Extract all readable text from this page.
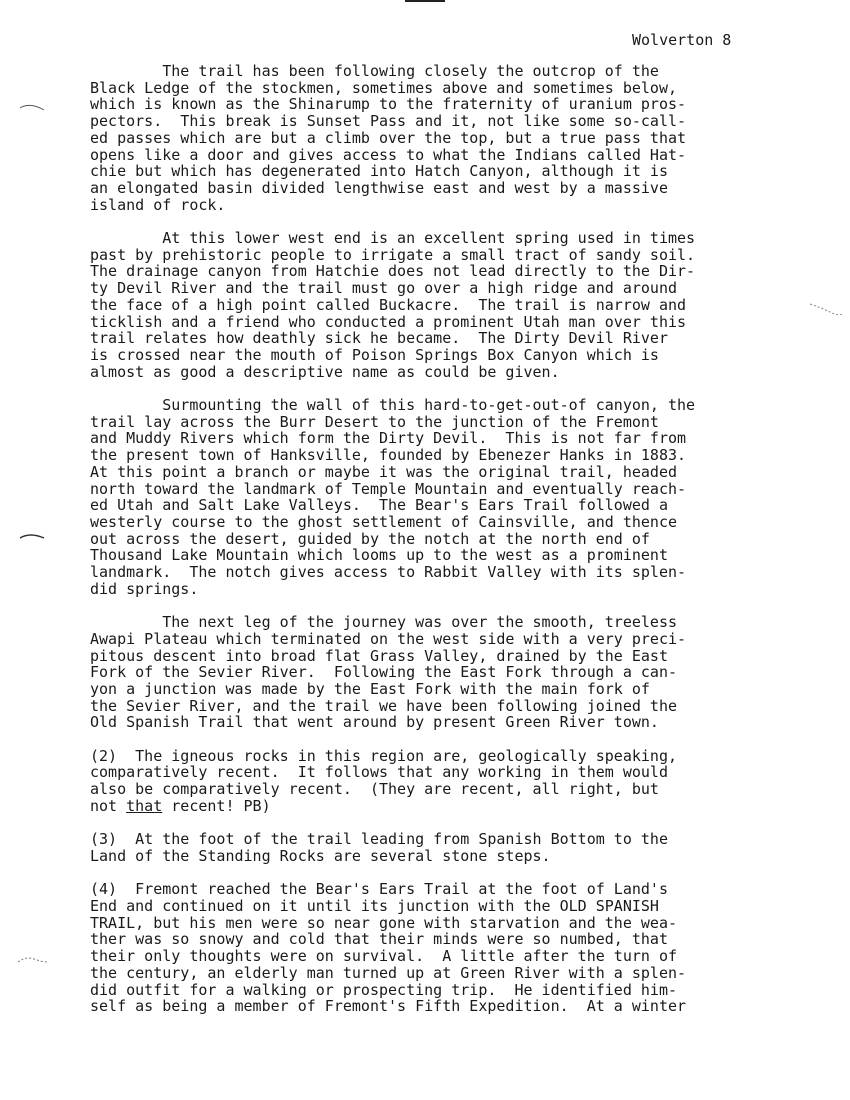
Wolverton 8

The trail has been following closely the outcrop of the
Black Ledge of the stockmen, sometimes above and sometimes below,
which is known as the Shinarump to the fraternity of uranium pros-
pectors.  This break is Sunset Pass and it, not like some so-call-
ed passes which are but a climb over the top, but a true pass that
opens like a door and gives access to what the Indians called Hat-
chie but which has degenerated into Hatch Canyon, although it is
an elongated basin divided lengthwise east and west by a massive
island of rock.

At this lower west end is an excellent spring used in times
past by prehistoric people to irrigate a small tract of sandy soil.
The drainage canyon from Hatchie does not lead directly to the Dir-
ty Devil River and the trail must go over a high ridge and around
the face of a high point called Buckacre.  The trail is narrow and
ticklish and a friend who conducted a prominent Utah man over this
trail relates how deathly sick he became.  The Dirty Devil River
is crossed near the mouth of Poison Springs Box Canyon which is
almost as good a descriptive name as could be given.

Surmounting the wall of this hard-to-get-out-of canyon, the
trail lay across the Burr Desert to the junction of the Fremont
and Muddy Rivers which form the Dirty Devil.  This is not far from
the present town of Hanksville, founded by Ebenezer Hanks in 1883.
At this point a branch or maybe it was the original trail, headed
north toward the landmark of Temple Mountain and eventually reach-
ed Utah and Salt Lake Valleys.  The Bear's Ears Trail followed a
westerly course to the ghost settlement of Cainsville, and thence
out across the desert, guided by the notch at the north end of
Thousand Lake Mountain which looms up to the west as a prominent
landmark.  The notch gives access to Rabbit Valley with its splen-
did springs.

The next leg of the journey was over the smooth, treeless
Awapi Plateau which terminated on the west side with a very preci-
pitous descent into broad flat Grass Valley, drained by the East
Fork of the Sevier River.  Following the East Fork through a can-
yon a junction was made by the East Fork with the main fork of
the Sevier River, and the trail we have been following joined the
Old Spanish Trail that went around by present Green River town.

(2)  The igneous rocks in this region are, geologically speaking,
comparatively recent.  It follows that any working in them would
also be comparatively recent.  (They are recent, all right, but
not that recent! PB)

(3)  At the foot of the trail leading from Spanish Bottom to the
Land of the Standing Rocks are several stone steps.

(4)  Fremont reached the Bear's Ears Trail at the foot of Land's
End and continued on it until its junction with the OLD SPANISH
TRAIL, but his men were so near gone with starvation and the wea-
ther was so snowy and cold that their minds were so numbed, that
their only thoughts were on survival.  A little after the turn of
the century, an elderly man turned up at Green River with a splen-
did outfit for a walking or prospecting trip.  He identified him-
self as being a member of Fremont's Fifth Expedition.  At a winter
